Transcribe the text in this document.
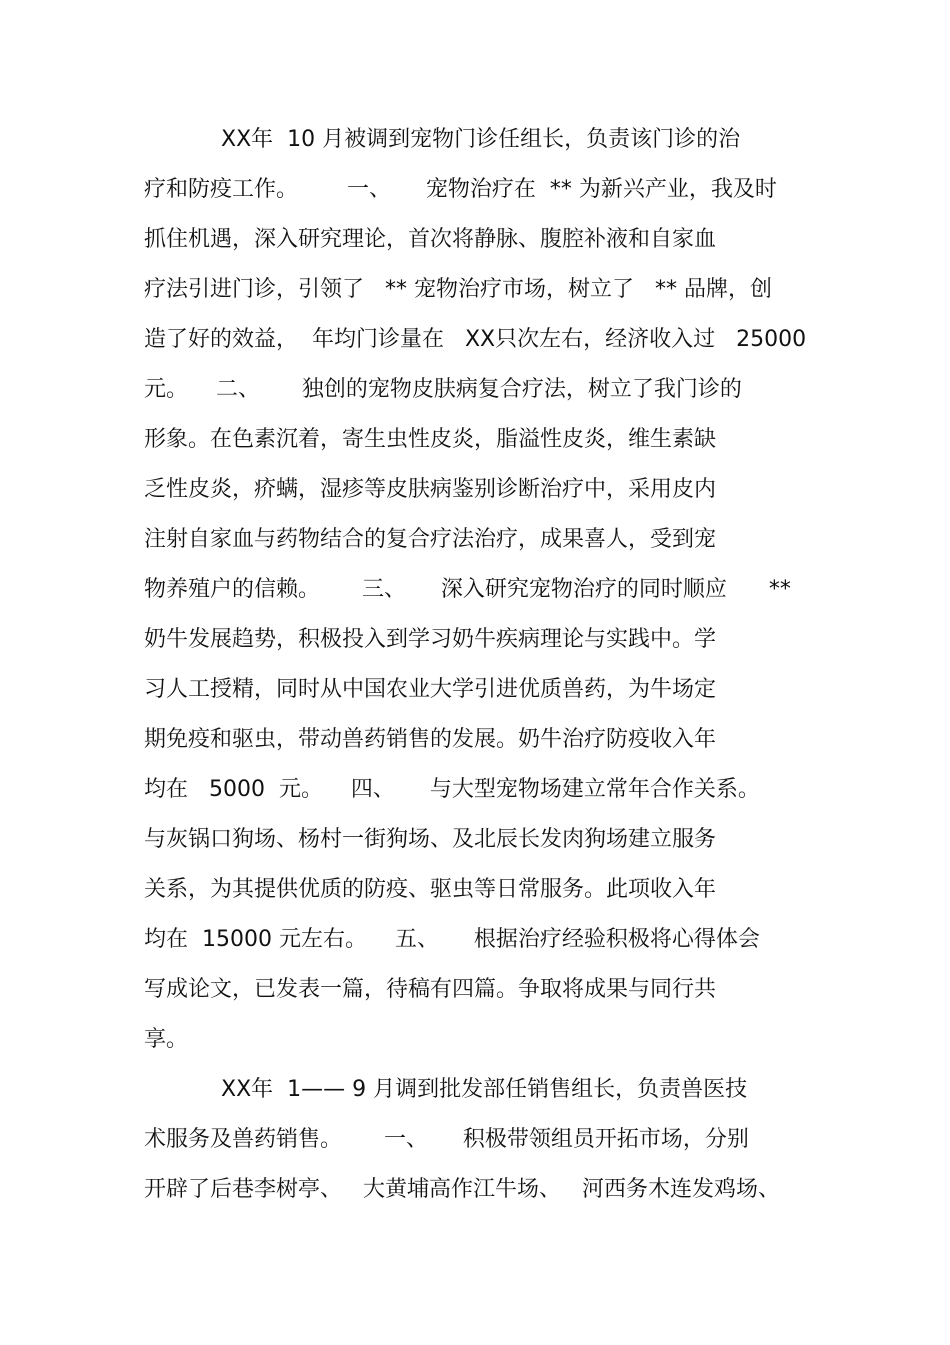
XX年  10 月被调到宠物门诊任组长，负责该门诊的治
疗和防疫工作。       一、     宠物治疗在  ** 为新兴产业，我及时
抓住机遇，深入研究理论，首次将静脉、腹腔补液和自家血
疗法引进门诊，引领了   ** 宠物治疗市场，树立了   ** 品牌，创
造了好的效益，  年均门诊量在   XX只次左右，经济收入过   25000
元。    二、      独创的宠物皮肤病复合疗法，树立了我门诊的
形象。在色素沉着，寄生虫性皮炎，脂溢性皮炎，维生素缺
乏性皮炎，疥螨，湿疹等皮肤病鉴别诊断治疗中，采用皮内
注射自家血与药物结合的复合疗法治疗，成果喜人，受到宠
物养殖户的信赖。      三、     深入研究宠物治疗的同时顺应      **
奶牛发展趋势，积极投入到学习奶牛疾病理论与实践中。学
习人工授精，同时从中国农业大学引进优质兽药，为牛场定
期免疫和驱虫，带动兽药销售的发展。奶牛治疗防疫收入年
均在   5000  元。    四、     与大型宠物场建立常年合作关系。
与灰锅口狗场、杨村一街狗场、及北辰长发肉狗场建立服务
关系，为其提供优质的防疫、驱虫等日常服务。此项收入年
均在  15000 元左右。    五、     根据治疗经验积极将心得体会
写成论文，已发表一篇，待稿有四篇。争取将成果与同行共
享。
XX年  1—— 9 月调到批发部任销售组长，负责兽医技
术服务及兽药销售。      一、     积极带领组员开拓市场，分别
开辟了后巷李树亭、   大黄埔高作江牛场、   河西务木连发鸡场、
